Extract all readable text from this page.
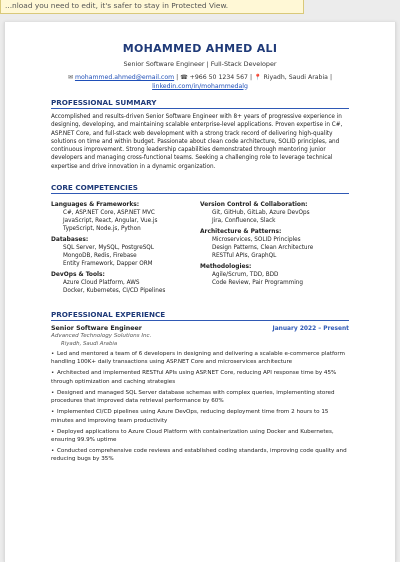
...nload you need to edit, it's safer to stay in Protected View.
MOHAMMED AHMED ALI
Senior Software Engineer | Full-Stack Developer
✉ mohammed.ahmed@email.com | ☎ +966 50 1234 567 | 📍 Riyadh, Saudi Arabia |
linkedin.com/in/mohammedalg
PROFESSIONAL SUMMARY

Accomplished and results-driven Senior Software Engineer with 8+ years of progressive experience in designing, developing, and maintaining scalable enterprise-level applications. Proven expertise in C#, ASP.NET Core, and full-stack web development with a strong track record of delivering high-quality solutions on time and within budget. Passionate about clean code architecture, SOLID principles, and continuous improvement. Strong leadership capabilities demonstrated through mentoring junior developers and managing cross-functional teams. Seeking a challenging role to leverage technical expertise and drive innovation in a dynamic organization.

CORE COMPETENCIES
Languages & Frameworks:
C#, ASP.NET Core, ASP.NET MVC
JavaScript, React, Angular, Vue.js
TypeScript, Node.js, Python
Databases:
SQL Server, MySQL, PostgreSQL
MongoDB, Redis, Firebase
Entity Framework, Dapper ORM
DevOps & Tools:
Azure Cloud Platform, AWS
Docker, Kubernetes, CI/CD Pipelines
Version Control & Collaboration:
Git, GitHub, GitLab, Azure DevOps
Jira, Confluence, Slack
Architecture & Patterns:
Microservices, SOLID Principles
Design Patterns, Clean Architecture
RESTful APIs, GraphQL
Methodologies:
Agile/Scrum, TDD, BDD
Code Review, Pair Programming
PROFESSIONAL EXPERIENCE
Senior Software Engineer	January 2022 – Present
Advanced Technology Solutions Inc.
Riyadh, Saudi Arabia
• Led and mentored a team of 6 developers in designing and delivering a scalable e-commerce platform handling 100K+ daily transactions using ASP.NET Core and microservices architecture
• Architected and implemented RESTful APIs using ASP.NET Core, reducing API response time by 45% through optimization and caching strategies
• Designed and managed SQL Server database schemas with complex queries, implementing stored procedures that improved data retrieval performance by 60%
• Implemented CI/CD pipelines using Azure DevOps, reducing deployment time from 2 hours to 15 minutes and improving team productivity
• Deployed applications to Azure Cloud Platform with containerization using Docker and Kubernetes, ensuring 99.9% uptime
• Conducted comprehensive code reviews and established coding standards, improving code quality and reducing bugs by 35%
